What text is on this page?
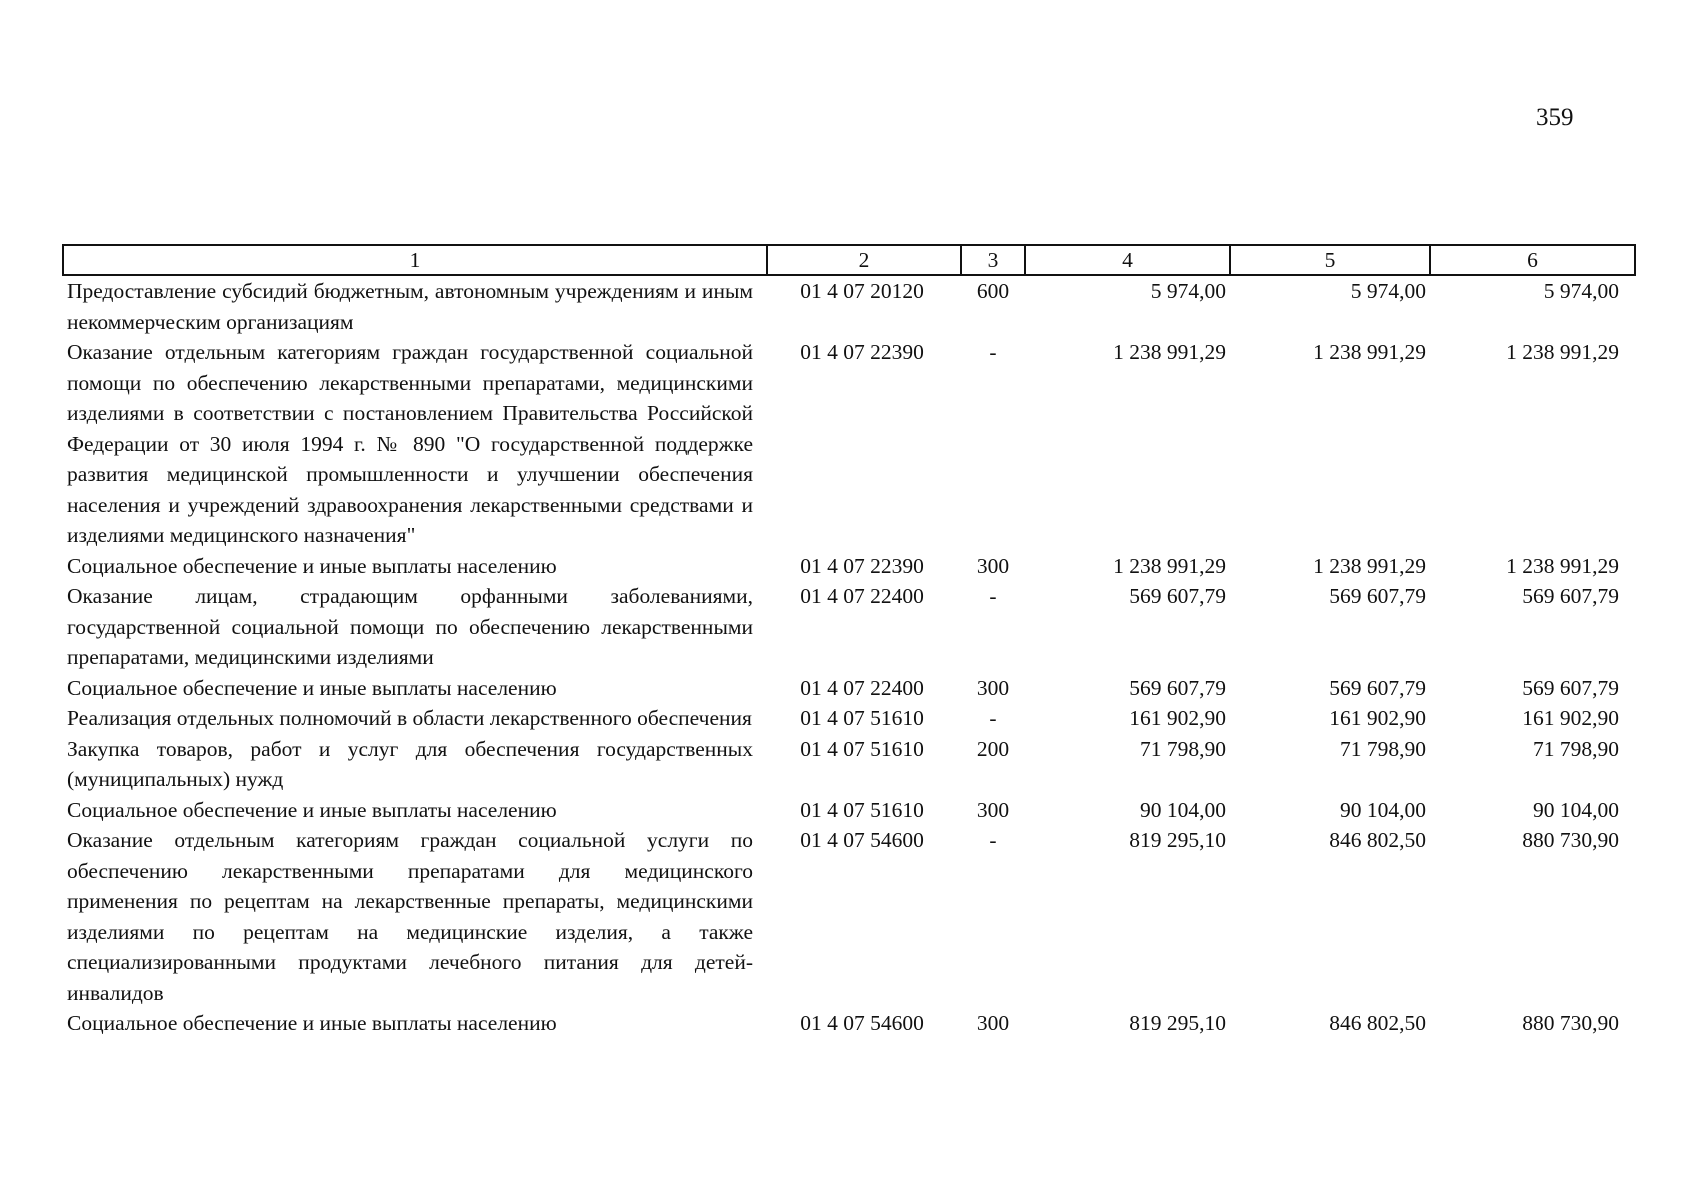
359
1	2	3	4	5	6
Предоставление субсидий бюджетным, автономным учреждениям и иным некоммерческим организациям	01 4 07 20120	600	5 974,00	5 974,00	5 974,00
Оказание отдельным категориям граждан государственной социальной помощи по обеспечению лекарственными препаратами, медицинскими изделиями в соответствии с постановлением Правительства Российской Федерации от 30 июля 1994 г. № 890 "О государственной поддержке развития медицинской промышленности и улучшении обеспечения населения и учреждений здравоохранения лекарственными средствами и изделиями медицинского назначения"	01 4 07 22390	-	1 238 991,29	1 238 991,29	1 238 991,29
Социальное обеспечение и иные выплаты населению	01 4 07 22390	300	1 238 991,29	1 238 991,29	1 238 991,29
Оказание лицам, страдающим орфанными заболеваниями, государственной социальной помощи по обеспечению лекарственными препаратами, медицинскими изделиями	01 4 07 22400	-	569 607,79	569 607,79	569 607,79
Социальное обеспечение и иные выплаты населению	01 4 07 22400	300	569 607,79	569 607,79	569 607,79
Реализация отдельных полномочий в области лекарственного обеспечения	01 4 07 51610	-	161 902,90	161 902,90	161 902,90
Закупка товаров, работ и услуг для обеспечения государственных (муниципальных) нужд	01 4 07 51610	200	71 798,90	71 798,90	71 798,90
Социальное обеспечение и иные выплаты населению	01 4 07 51610	300	90 104,00	90 104,00	90 104,00
Оказание отдельным категориям граждан социальной услуги по обеспечению лекарственными препаратами для медицинского применения по рецептам на лекарственные препараты, медицинскими изделиями по рецептам на медицинские изделия, а также специализированными продуктами лечебного питания для детей-инвалидов	01 4 07 54600	-	819 295,10	846 802,50	880 730,90
Социальное обеспечение и иные выплаты населению	01 4 07 54600	300	819 295,10	846 802,50	880 730,90
